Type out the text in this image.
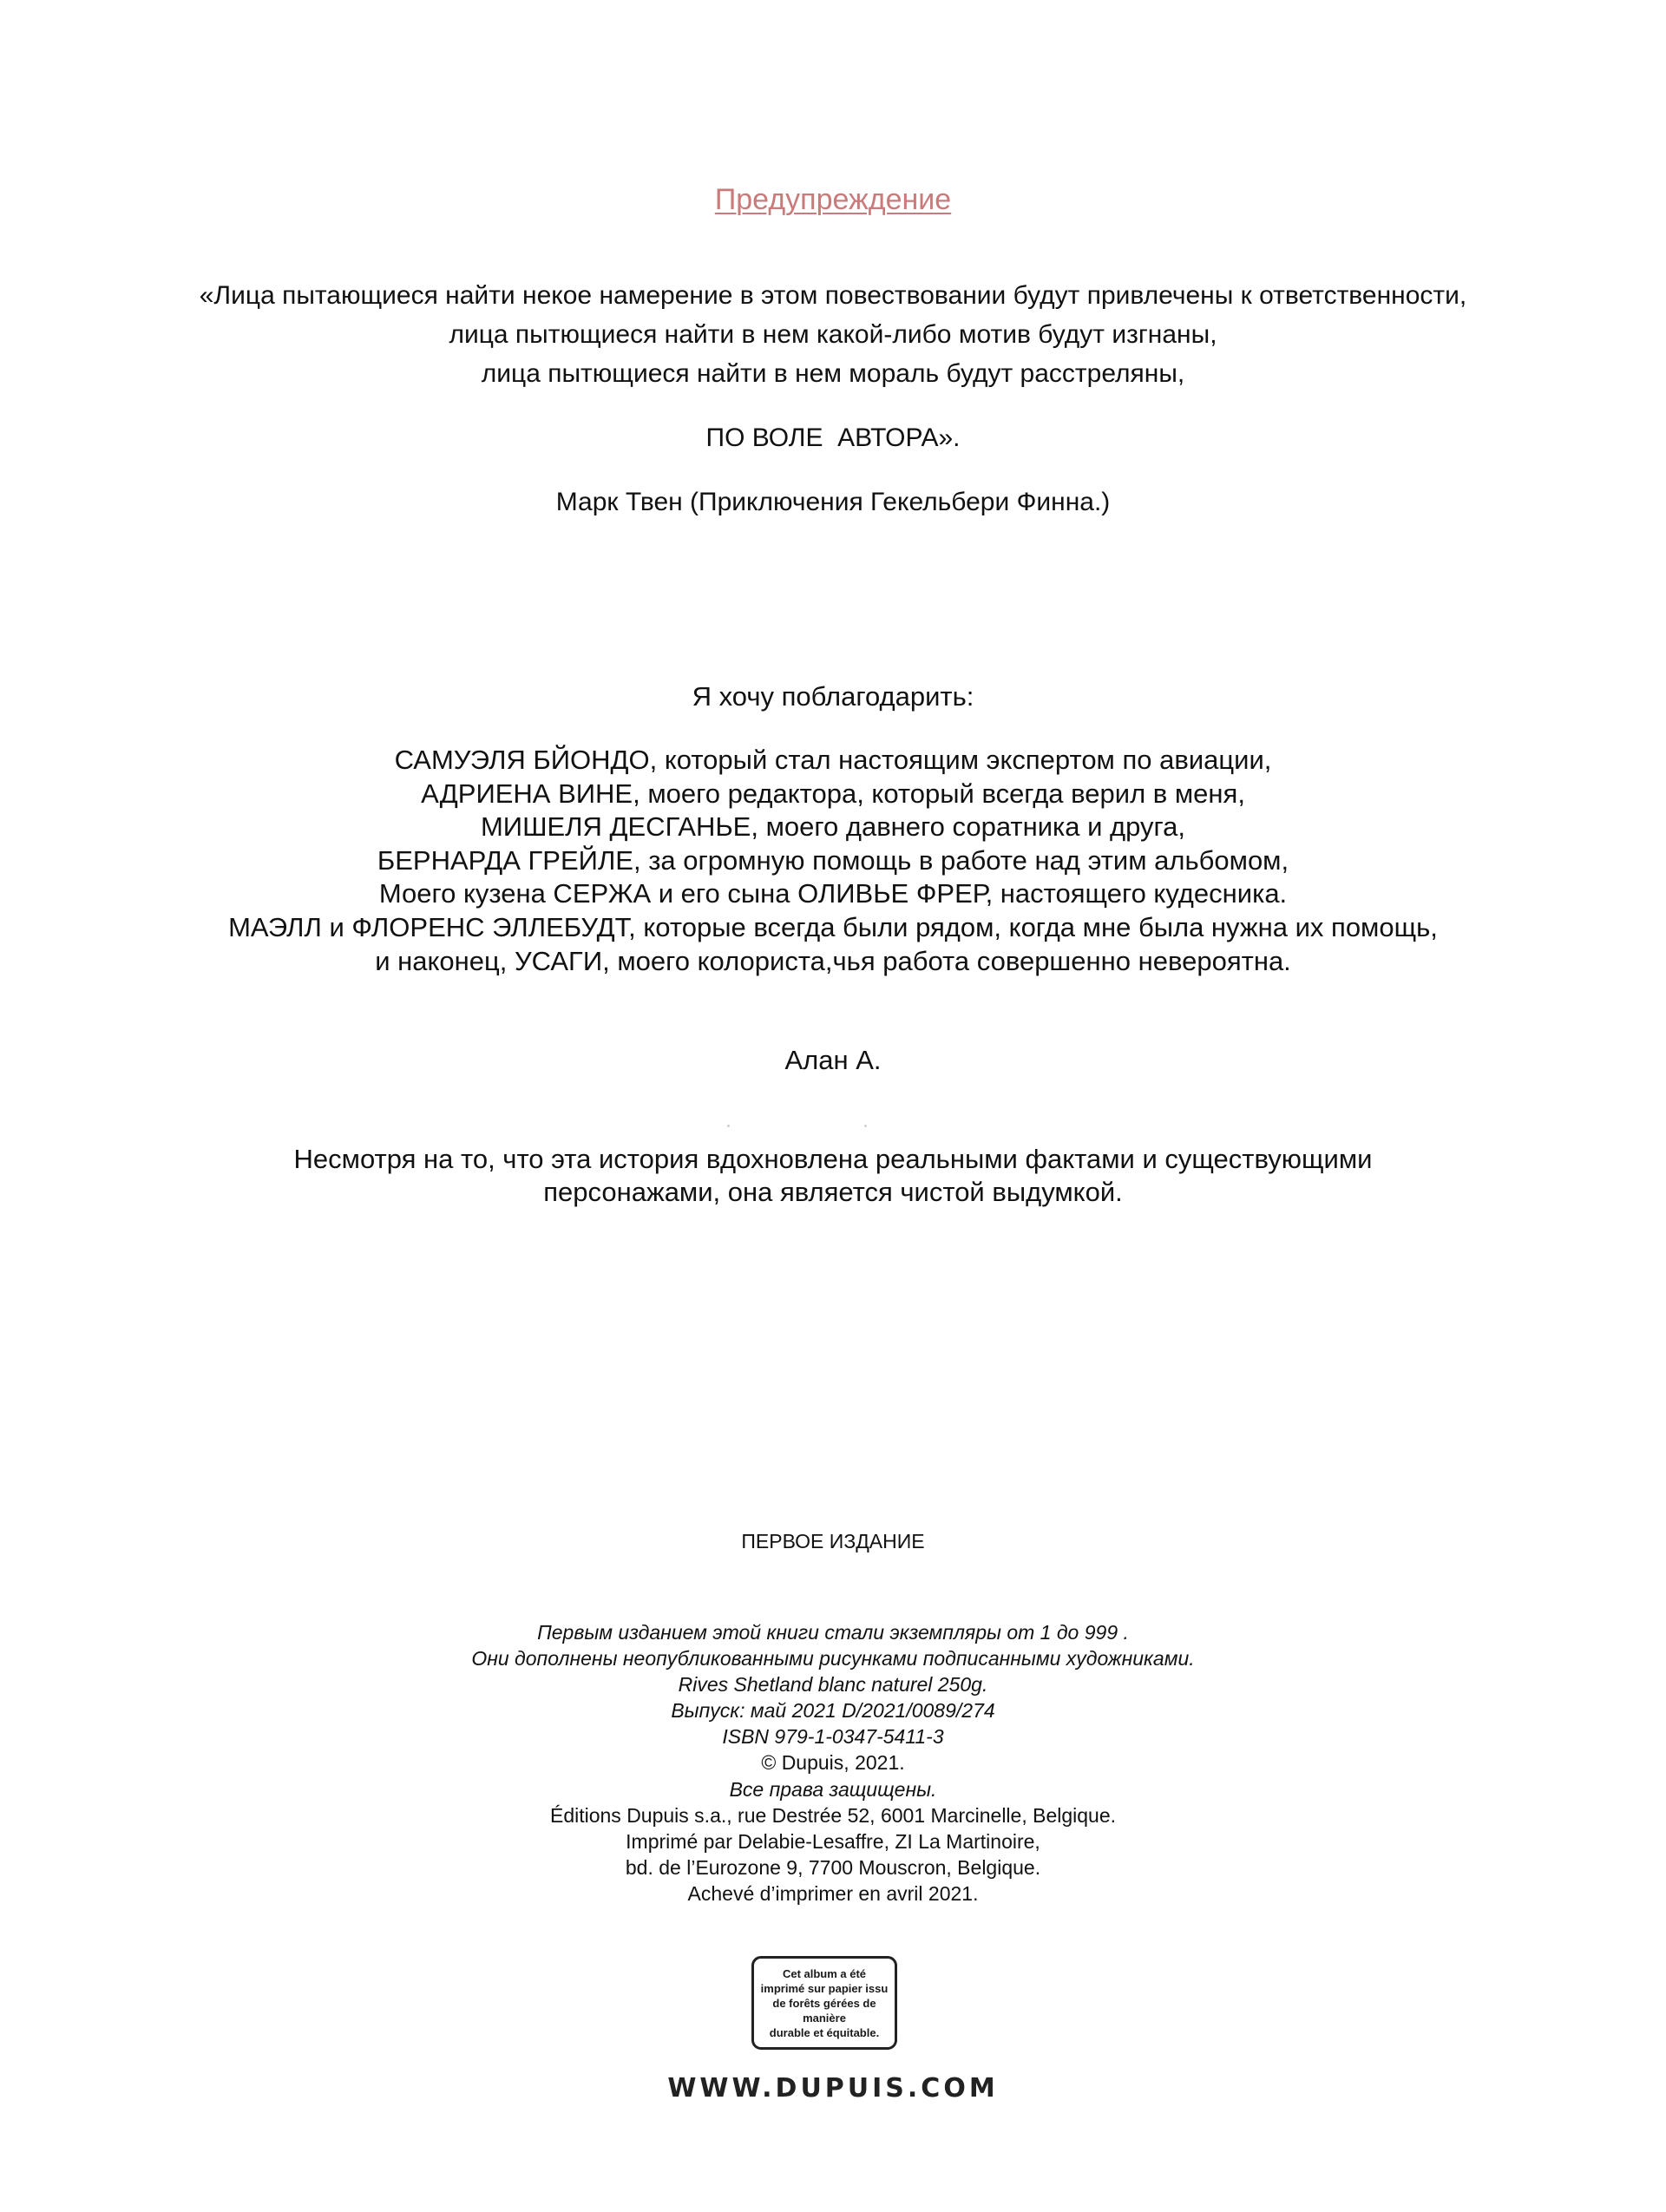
Предупреждение
«Лица пытающиеся найти некое намерение в этом повествовании будут привлечены к ответственности,
лица пытющиеся найти в нем какой-либо мотив будут изгнаны,
лица пытющиеся найти в нем мораль будут расстреляны,
ПО ВОЛЕ  АВТОРА».
Марк Твен (Приключения Гекельбери Финна.)
Я хочу поблагодарить:
САМУЭЛЯ БЙОНДО, который стал настоящим экспертом по авиации,
АДРИЕНА ВИНЕ, моего редактора, который всегда верил в меня,
МИШЕЛЯ ДЕСГАНЬЕ, моего давнего соратника и друга,
БЕРНАРДА ГРЕЙЛЕ, за огромную помощь в работе над этим альбомом,
Моего кузена СЕРЖА и его сына ОЛИВЬЕ ФРЕР, настоящего кудесника.
МАЭЛЛ и ФЛОРЕНС ЭЛЛЕБУДТ, которые всегда были рядом, когда мне была нужна их помощь,
и наконец, УСАГИ, моего колориста,чья работа совершенно невероятна.
Алан А.
Несмотря на то, что эта история вдохновлена реальными фактами и существующими
персонажами, она является чистой выдумкой.
ПЕРВОЕ ИЗДАНИЕ
Первым изданием этой книги стали экземпляры от 1 до 999 .
Они дополнены неопубликованными рисунками подписанными художниками.
Rives Shetland blanc naturel 250g.
Выпуск: май 2021 D/2021/0089/274
ISBN 979-1-0347-5411-3
© Dupuis, 2021.
Все права защищены.
Éditions Dupuis s.a., rue Destrée 52, 6001 Marcinelle, Belgique.
Imprimé par Delabie-Lesaffre, ZI La Martinoire,
bd. de l’Eurozone 9, 7700 Mouscron, Belgique.
Achevé d’imprimer en avril 2021.
Cet album a été
imprimé sur papier issu
de forêts gérées de
manière
durable et équitable.
WWW.DUPUIS.COM
